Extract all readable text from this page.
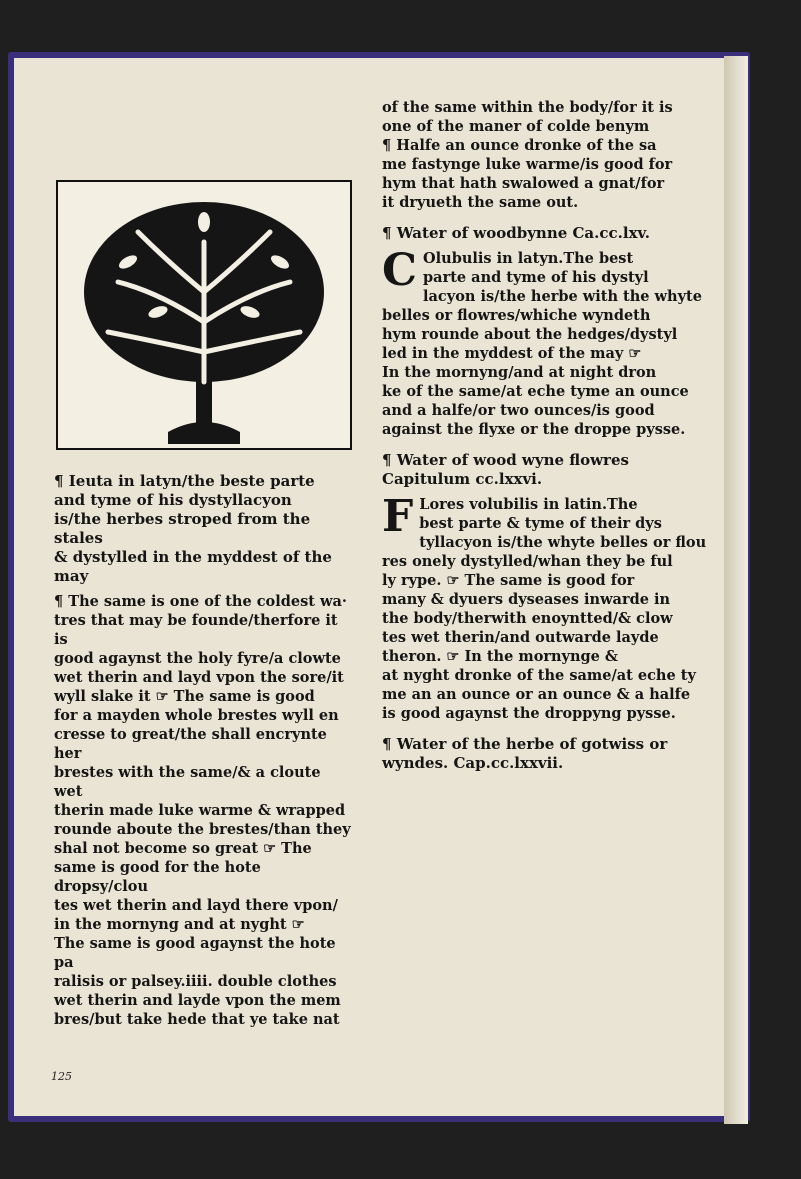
¶ Ieuta in latyn/the beste parte
and tyme of his dystyllacyon
is/the herbes stroped from the stales
& dystylled in the myddest of the may

¶ The same is one of the coldest wa·
tres that may be founde/therfore it is
good agaynst the holy fyre/a clowte
wet therin and layd vpon the sore/it
wyll slake it ☞ The same is good
for a mayden whole brestes wyll en
cresse to great/the shall encrynte her
brestes with the same/& a cloute wet
therin made luke warme & wrapped
rounde aboute the brestes/than they
shal not become so great ☞ The
same is good for the hote dropsy/clou
tes wet therin and layd there vpon/
in the mornyng and at nyght ☞
The same is good agaynst the hote pa
ralisis or palsey.iiii. double clothes
wet therin and layde vpon the mem
bres/but take hede that ye take nat

of the same within the body/for it is
one of the maner of colde benym
¶ Halfe an ounce dronke of the sa
me fastynge luke warme/is good for
hym that hath swalowed a gnat/for
it dryueth the same out.

¶ Water of woodbynne Ca.cc.lxv.

C Olubulis in latyn.The best
parte and tyme of his dystyl
lacyon is/the herbe with the whyte
belles or flowres/whiche wyndeth
hym rounde about the hedges/dystyl
led in the myddest of the may ☞
In the mornyng/and at night dron
ke of the same/at eche tyme an ounce
and a halfe/or two ounces/is good
against the flyxe or the droppe pysse.

¶ Water of wood wyne flowres
Capitulum cc.lxxvi.

F Lores volubilis in latin.The
best parte & tyme of their dys
tyllacyon is/the whyte belles or flou
res onely dystylled/whan they be ful
ly rype. ☞ The same is good for
many & dyuers dyseases inwarde in
the body/therwith enoyntted/& clow
tes wet therin/and outwarde layde
theron. ☞ In the mornynge &
at nyght dronke of the same/at eche ty
me an an ounce or an ounce & a halfe
is good agaynst the droppyng pysse.

¶ Water of the herbe of gotwiss or
wyndes. Cap.cc.lxxvii.

125
